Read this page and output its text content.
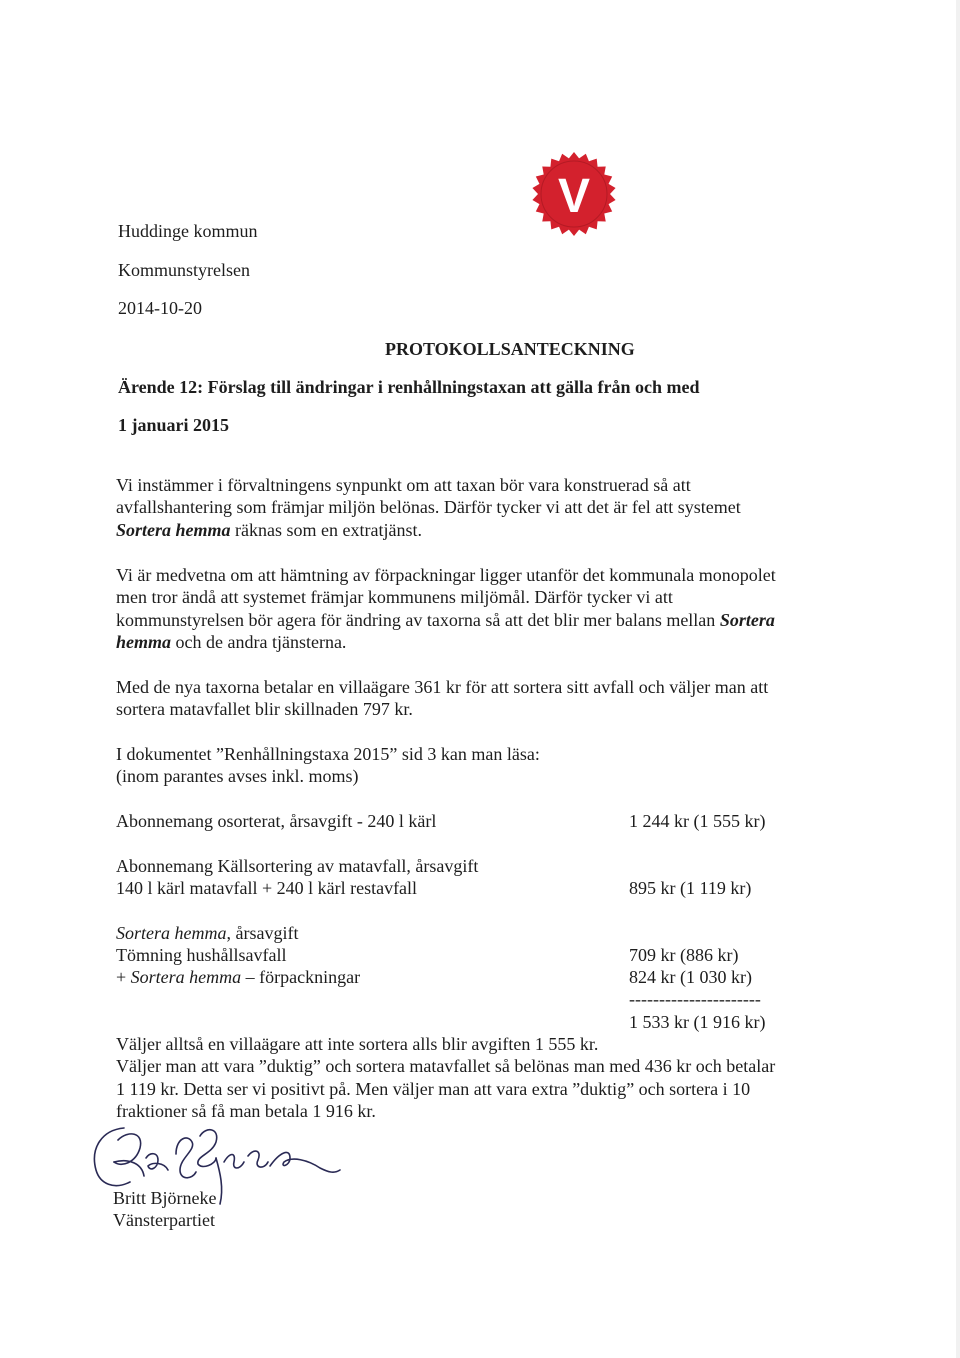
V
Huddinge kommun
Kommunstyrelsen
2014-10-20
PROTOKOLLSANTECKNING
Ärende 12: Förslag till ändringar i renhållningstaxan att gälla från och med
1 januari 2015
Vi instämmer i förvaltningens synpunkt om att taxan bör vara konstruerad så att
avfallshantering som främjar miljön belönas. Därför tycker vi att det är fel att systemet
Sortera hemma räknas som en extratjänst.
Vi är medvetna om att hämtning av förpackningar ligger utanför det kommunala monopolet
men tror ändå att systemet främjar kommunens miljömål. Därför tycker vi att
kommunstyrelsen bör agera för ändring av taxorna så att det blir mer balans mellan Sortera
hemma och de andra tjänsterna.
Med de nya taxorna betalar en villaägare 361 kr för att sortera sitt avfall och väljer man att
sortera matavfallet blir skillnaden 797 kr.
I dokumentet ”Renhållningstaxa 2015” sid 3 kan man läsa:
(inom parantes avses inkl. moms)
Abonnemang osorterat, årsavgift - 240 l kärl	1 244 kr (1 555 kr)
Abonnemang Källsortering av matavfall, årsavgift
140 l kärl matavfall + 240 l kärl restavfall	895 kr (1 119 kr)
Sortera hemma, årsavgift
Tömning hushållsavfall	709 kr (886 kr)
+ Sortera hemma – förpackningar	824 kr (1 030 kr)
----------------------
1 533 kr (1 916 kr)
Väljer alltså en villaägare att inte sortera alls blir avgiften 1 555 kr.
Väljer man att vara ”duktig” och sortera matavfallet så belönas man med 436 kr och betalar
1 119 kr. Detta ser vi positivt på. Men väljer man att vara extra ”duktig” och sortera i 10
fraktioner så få man betala 1 916 kr.
Britt Björneke
Vänsterpartiet
